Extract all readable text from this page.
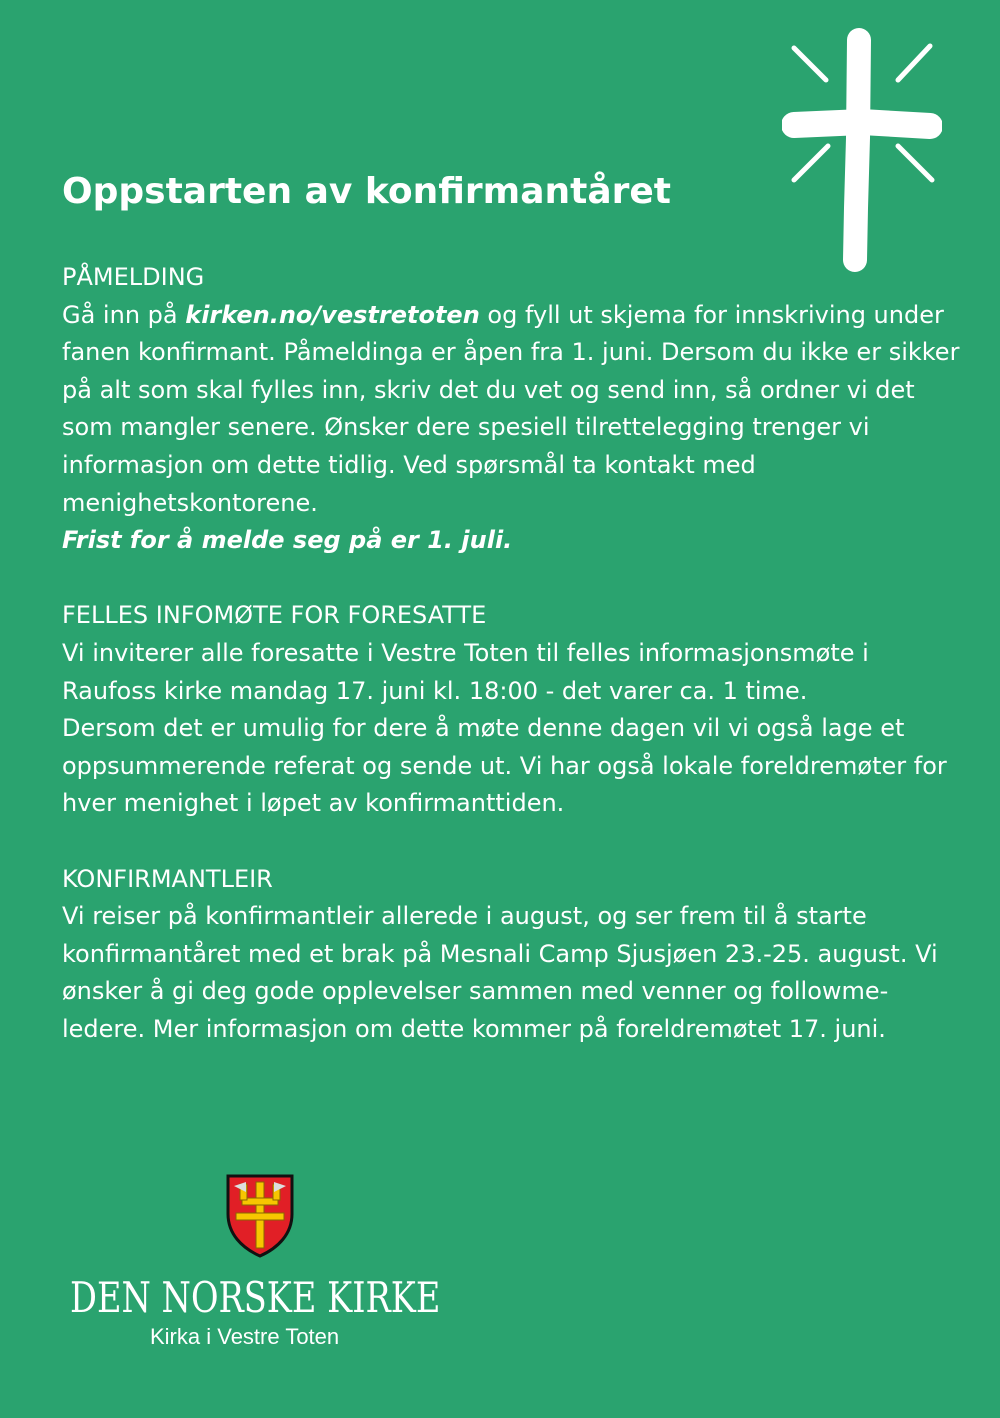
Oppstarten av konfirmantåret
PÅMELDING

Gå inn på kirken.no/vestretoten og fyll ut skjema for innskriving under fanen konfirmant. Påmeldinga er åpen fra 1. juni. Dersom du ikke er sikker på alt som skal fylles inn, skriv det du vet og send inn, så ordner vi det som mangler senere. Ønsker dere spesiell tilrettelegging trenger vi informasjon om dette tidlig. Ved spørsmål ta kontakt med menighetskontorene.

Frist for å melde seg på er 1. juli.

FELLES INFOMØTE FOR FORESATTE

Vi inviterer alle foresatte i Vestre Toten til felles informasjonsmøte i Raufoss kirke mandag 17. juni kl. 18:00 - det varer ca. 1 time.

Dersom det er umulig for dere å møte denne dagen vil vi også lage et oppsummerende referat og sende ut. Vi har også lokale foreldremøter for hver menighet i løpet av konfirmanttiden.

KONFIRMANTLEIR

Vi reiser på konfirmantleir allerede i august, og ser frem til å starte konfirmantåret med et brak på Mesnali Camp Sjusjøen 23.-25. august. Vi ønsker å gi deg gode opplevelser sammen med venner og followme-ledere. Mer informasjon om dette kommer på foreldremøtet 17. juni.

DEN NORSKE KIRKE
Kirka i Vestre Toten
